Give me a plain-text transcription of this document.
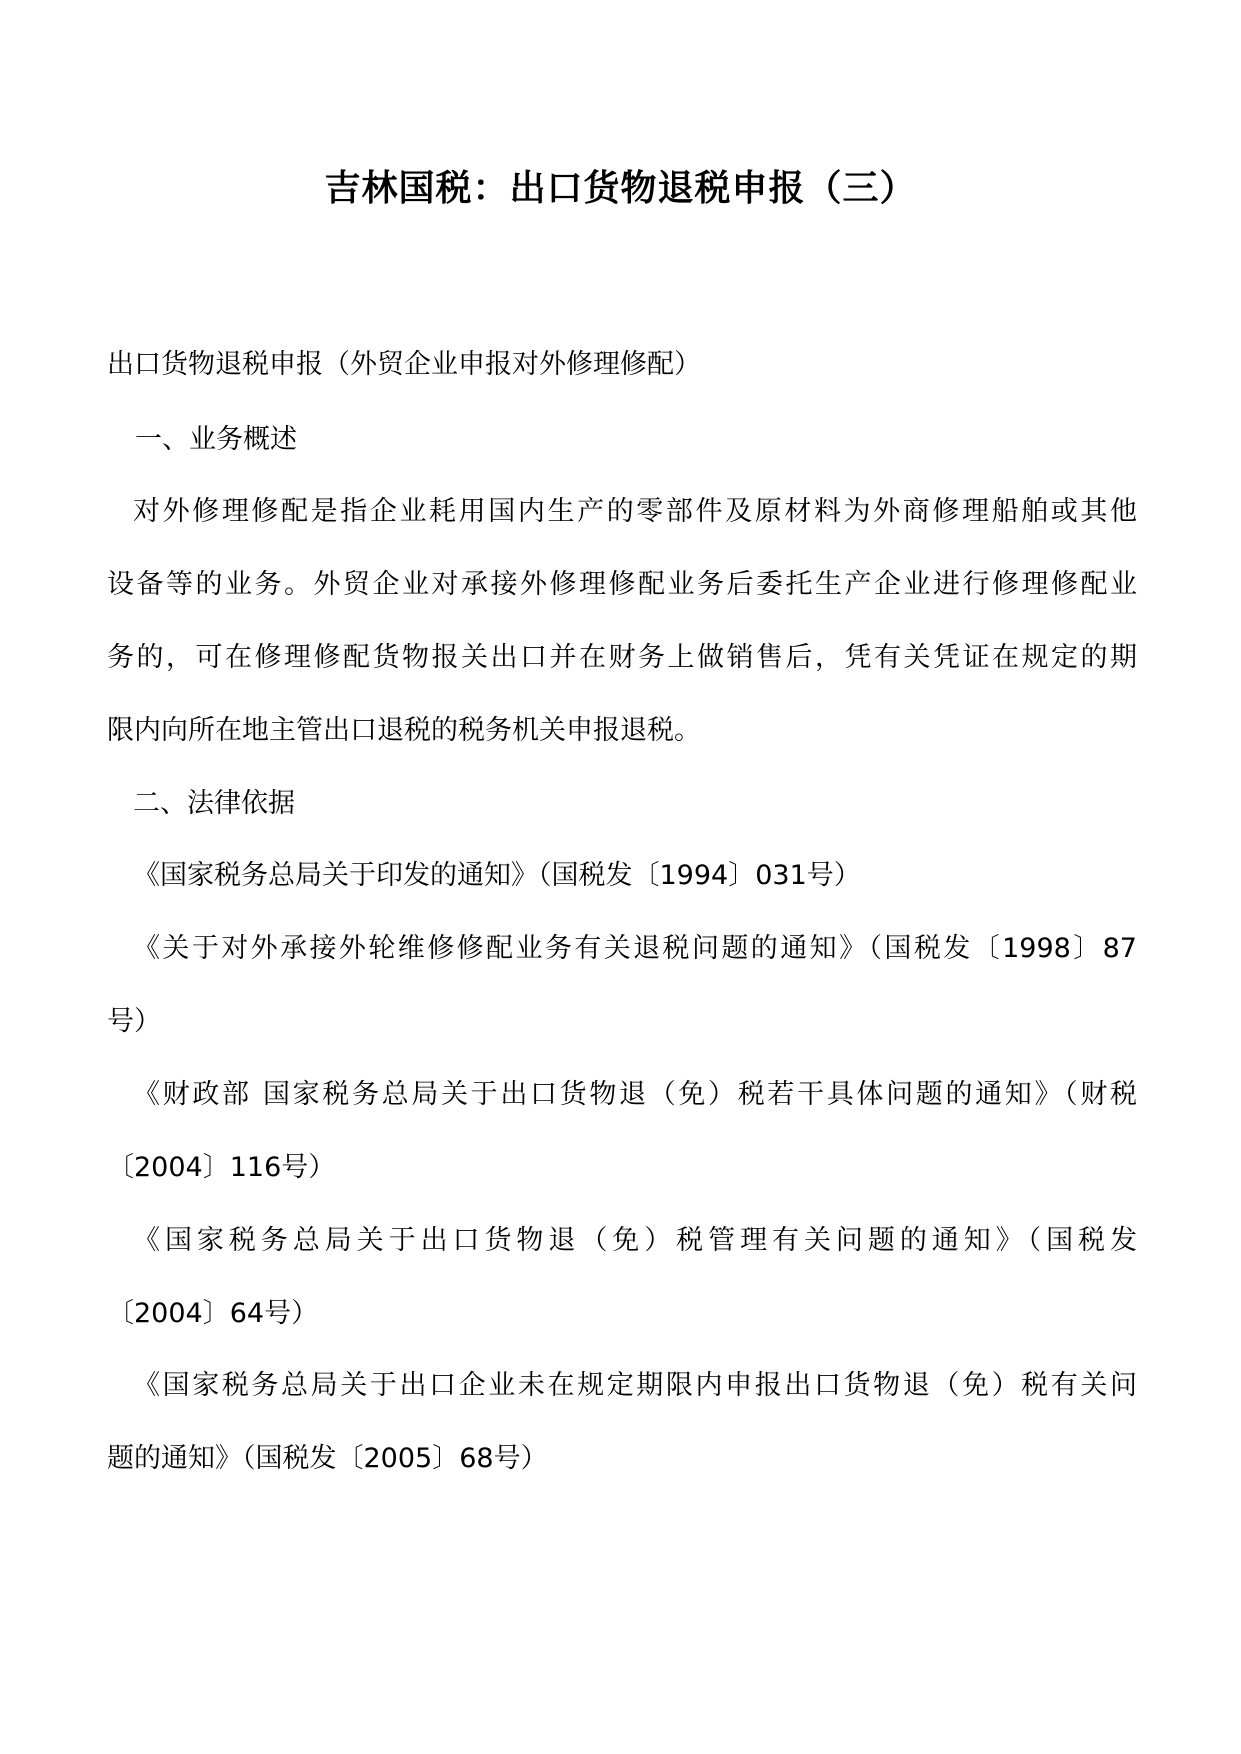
吉林国税：出口货物退税申报（三）
出口货物退税申报（外贸企业申报对外修理修配）
一、业务概述
对外修理修配是指企业耗用国内生产的零部件及原材料为外商修理船舶或其他
设备等的业务。外贸企业对承接外修理修配业务后委托生产企业进行修理修配业
务的，可在修理修配货物报关出口并在财务上做销售后，凭有关凭证在规定的期
限内向所在地主管出口退税的税务机关申报退税。
二、法律依据
《国家税务总局关于印发的通知》（国税发〔1994〕031号）
《关于对外承接外轮维修修配业务有关退税问题的通知》（国税发〔1998〕87
号）
《财政部 国家税务总局关于出口货物退（免）税若干具体问题的通知》（财税
〔2004〕116号）
《国家税务总局关于出口货物退（免）税管理有关问题的通知》（国税发
〔2004〕64号）
《国家税务总局关于出口企业未在规定期限内申报出口货物退（免）税有关问
题的通知》（国税发〔2005〕68号）
